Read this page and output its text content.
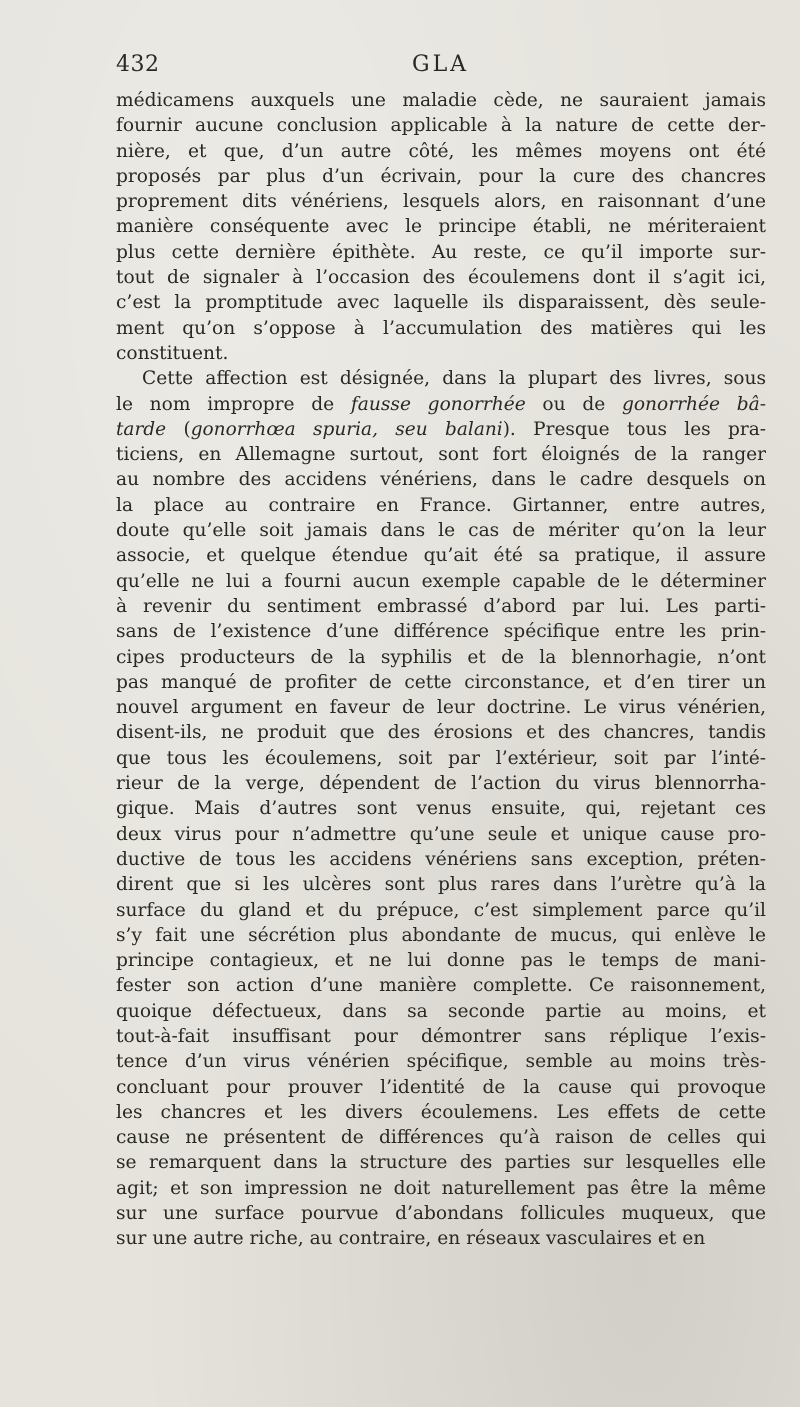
432	GLA
médicamens auxquels une maladie cède, ne sauraient jamais
fournir aucune conclusion applicable à la nature de cette der-
nière, et que, d’un autre côté, les mêmes moyens ont été
proposés par plus d’un écrivain, pour la cure des chancres
proprement dits vénériens, lesquels alors, en raisonnant d’une
manière conséquente avec le principe établi, ne mériteraient
plus cette dernière épithète. Au reste, ce qu’il importe sur-
tout de signaler à l’occasion des écoulemens dont il s’agit ici,
c’est la promptitude avec laquelle ils disparaissent, dès seule-
ment qu’on s’oppose à l’accumulation des matières qui les
constituent.
Cette affection est désignée, dans la plupart des livres, sous
le nom impropre de fausse gonorrhée ou de gonorrhée bâ-
tarde (gonorrhœa spuria, seu balani). Presque tous les pra-
ticiens, en Allemagne surtout, sont fort éloignés de la ranger
au nombre des accidens vénériens, dans le cadre desquels on
la place au contraire en France. Girtanner, entre autres,
doute qu’elle soit jamais dans le cas de mériter qu’on la leur
associe, et quelque étendue qu’ait été sa pratique, il assure
qu’elle ne lui a fourni aucun exemple capable de le déterminer
à revenir du sentiment embrassé d’abord par lui. Les parti-
sans de l’existence d’une différence spécifique entre les prin-
cipes producteurs de la syphilis et de la blennorhagie, n’ont
pas manqué de profiter de cette circonstance, et d’en tirer un
nouvel argument en faveur de leur doctrine. Le virus vénérien,
disent-ils, ne produit que des érosions et des chancres, tandis
que tous les écoulemens, soit par l’extérieur, soit par l’inté-
rieur de la verge, dépendent de l’action du virus blennorrha-
gique. Mais d’autres sont venus ensuite, qui, rejetant ces
deux virus pour n’admettre qu’une seule et unique cause pro-
ductive de tous les accidens vénériens sans exception, préten-
dirent que si les ulcères sont plus rares dans l’urètre qu’à la
surface du gland et du prépuce, c’est simplement parce qu’il
s’y fait une sécrétion plus abondante de mucus, qui enlève le
principe contagieux, et ne lui donne pas le temps de mani-
fester son action d’une manière complette. Ce raisonnement,
quoique défectueux, dans sa seconde partie au moins, et
tout-à-fait insuffisant pour démontrer sans réplique l’exis-
tence d’un virus vénérien spécifique, semble au moins très-
concluant pour prouver l’identité de la cause qui provoque
les chancres et les divers écoulemens. Les effets de cette
cause ne présentent de différences qu’à raison de celles qui
se remarquent dans la structure des parties sur lesquelles elle
agit; et son impression ne doit naturellement pas être la même
sur une surface pourvue d’abondans follicules muqueux, que
sur une autre riche, au contraire, en réseaux vasculaires et en
